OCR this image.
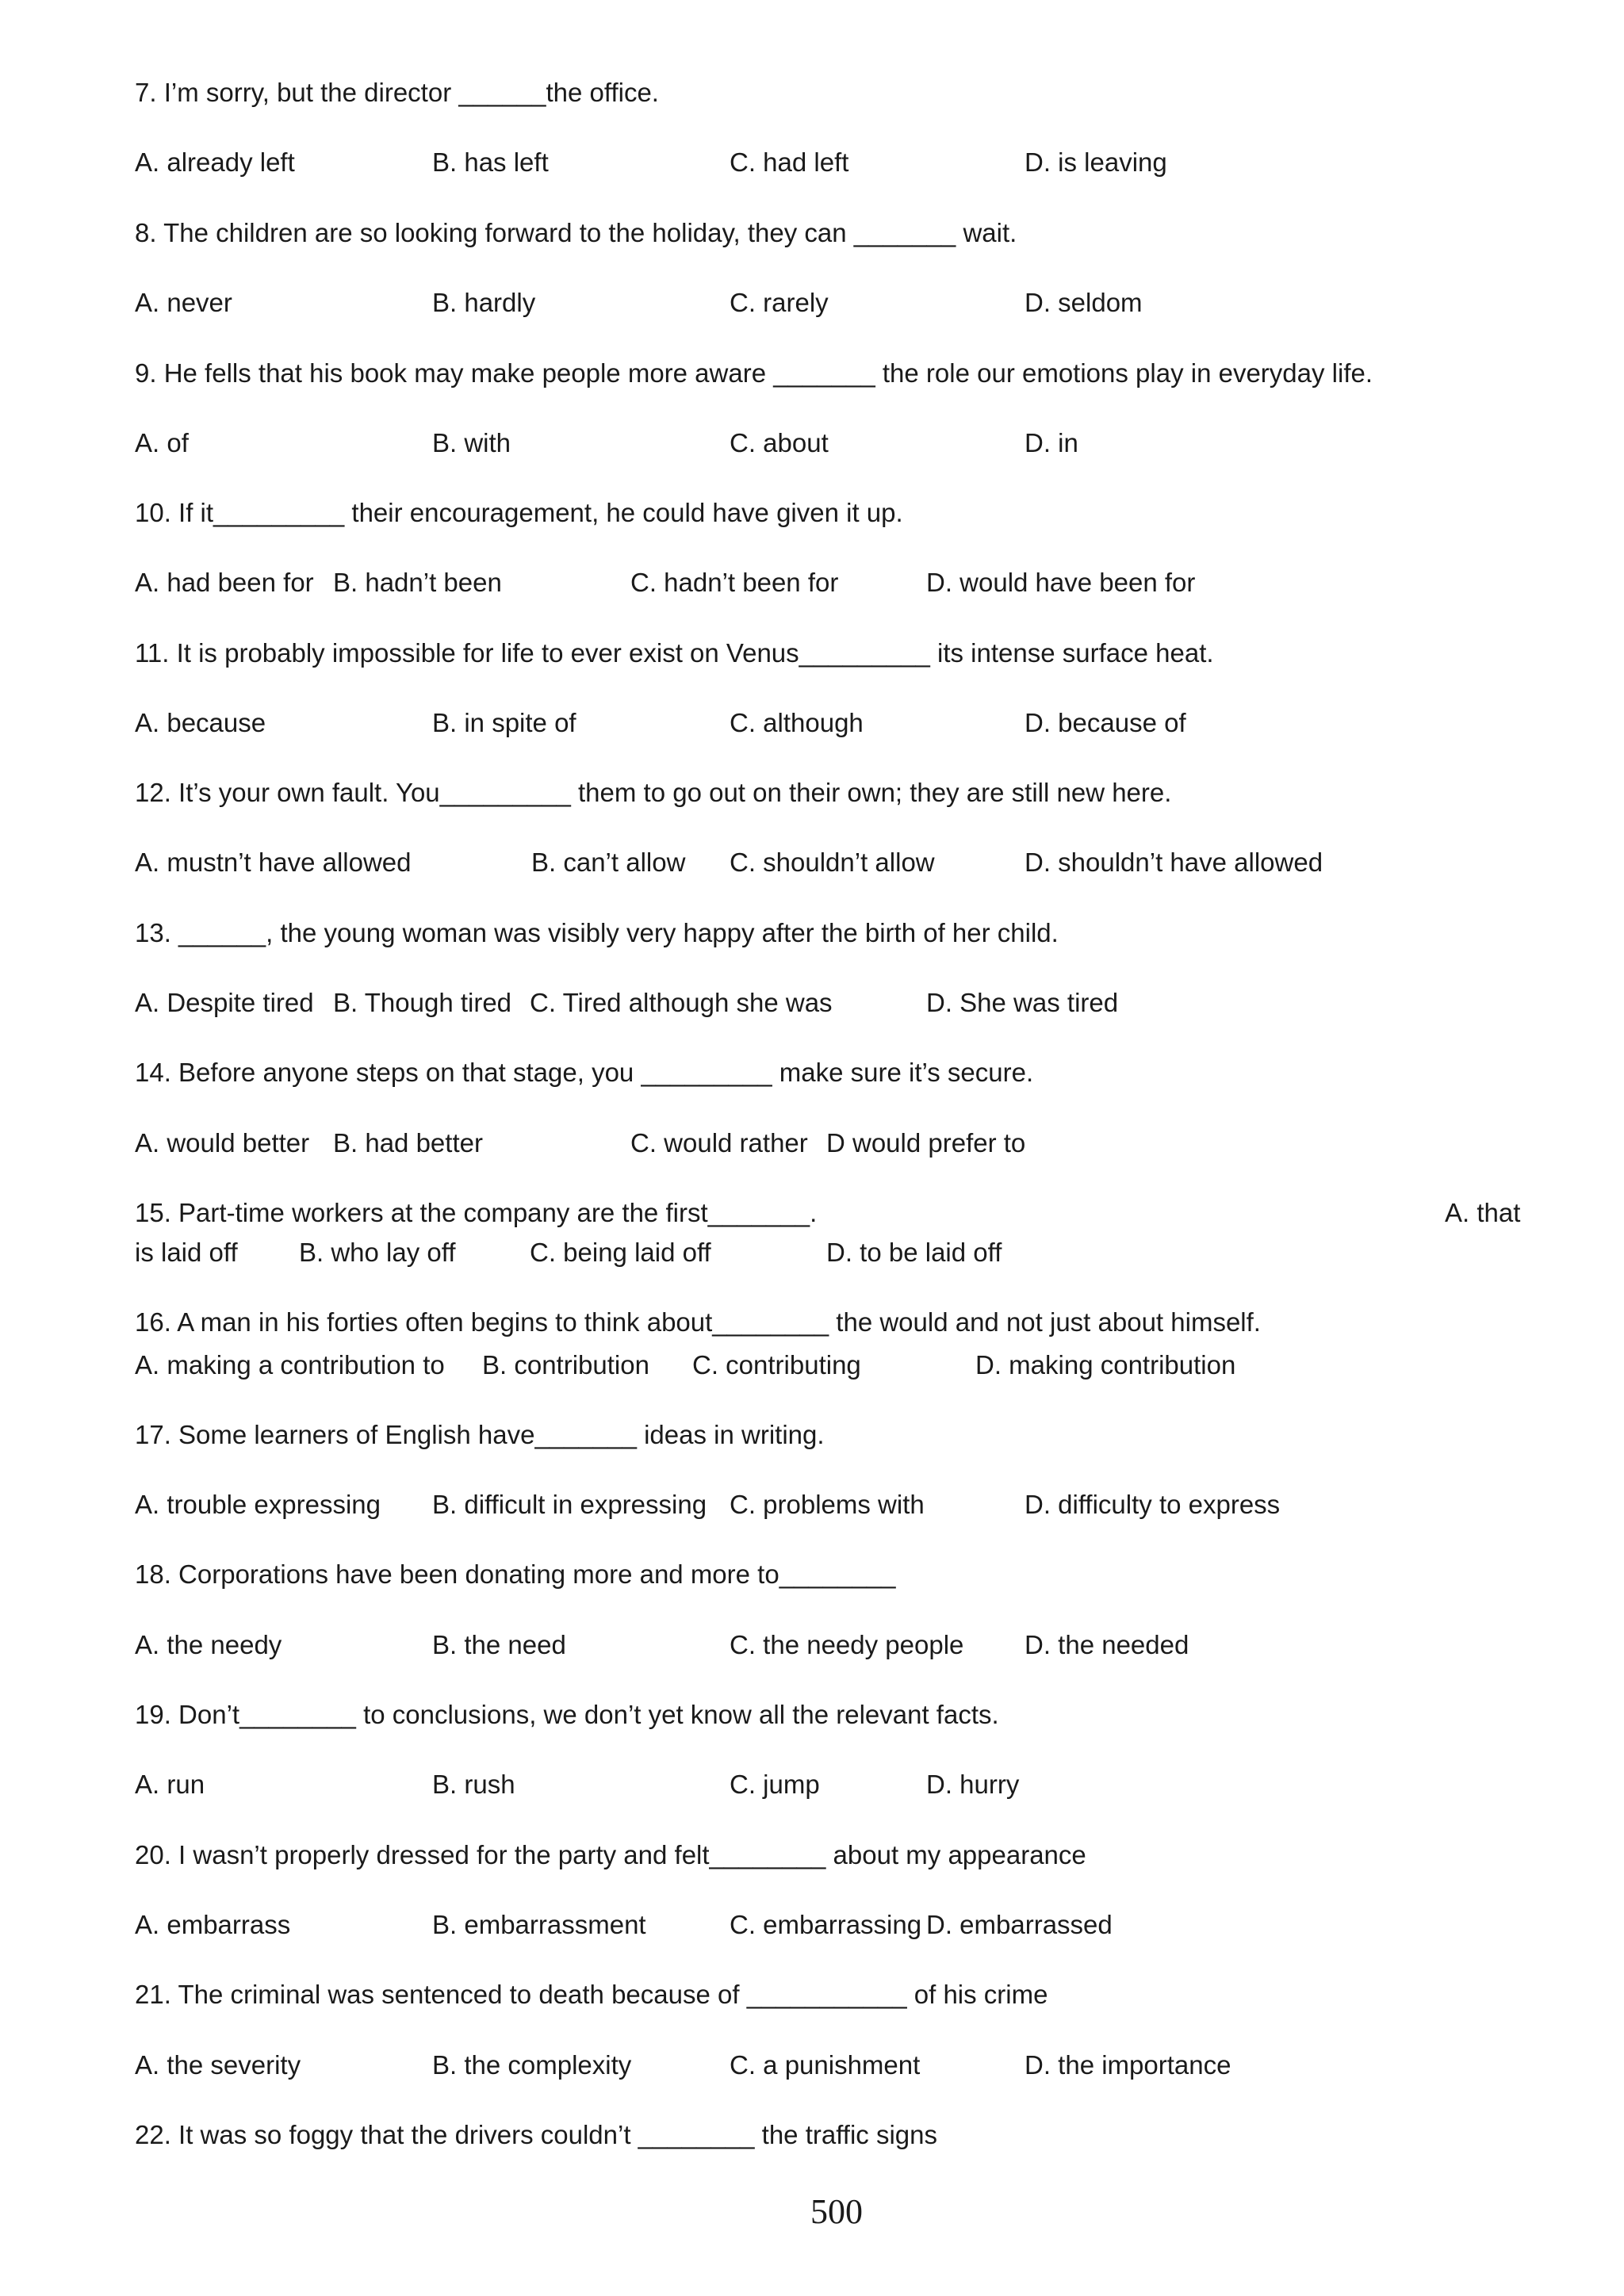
7. I’m sorry, but the director ______the office.
A. already left	B. has left	C. had left	D. is leaving
8. The children are so looking forward to the holiday, they can _______ wait.
A. never	B. hardly	C. rarely	D. seldom
9. He fells that his book may make people more aware _______ the role our emotions play in everyday life.
A. of	B. with	C. about	D. in
10. If it_________ their encouragement, he could have given it up.
A. had been for B. hadn’t been	C. hadn’t been for	D. would have been for
11. It is probably impossible for life to ever exist on Venus_________ its intense surface heat.
A. because	B. in spite of	C. although	D. because of
12. It’s your own fault. You_________ them to go out on their own; they are still new here.
A. mustn’t have allowed	B. can’t allow C. shouldn’t allow	D. shouldn’t have allowed
13. ______, the young woman was visibly very happy after the birth of her child.
A. Despite tired B. Though tired C. Tired although she was	D. She was tired
14. Before anyone steps on that stage, you _________ make sure it’s secure.
A. would better B. had better	C. would rather D would prefer to
15. Part-time workers at the company are the first_______.	A. that
is laid off B. who lay off	C. being laid off	D. to be laid off
16. A man in his forties often begins to think about________ the would and not just about himself.
A. making a contribution to B. contribution C. contributing	D. making contribution
17. Some learners of English have_______ ideas in writing.
A. trouble expressing B. difficult in expressing C. problems with	D. difficulty to express
18. Corporations have been donating more and more to________
A. the needy	B. the need	C. the needy people D. the needed
19. Don’t________ to conclusions, we don’t yet know all the relevant facts.
A. run	B. rush	C. jump	D. hurry
20. I wasn’t properly dressed for the party and felt________ about my appearance
A. embarrass	B. embarrassment	C. embarrassing D. embarrassed
21. The criminal was sentenced to death because of ___________ of his crime
A. the severity	B. the complexity	C. a punishment	D. the importance
22. It was so foggy that the drivers couldn’t ________ the traffic signs
500
